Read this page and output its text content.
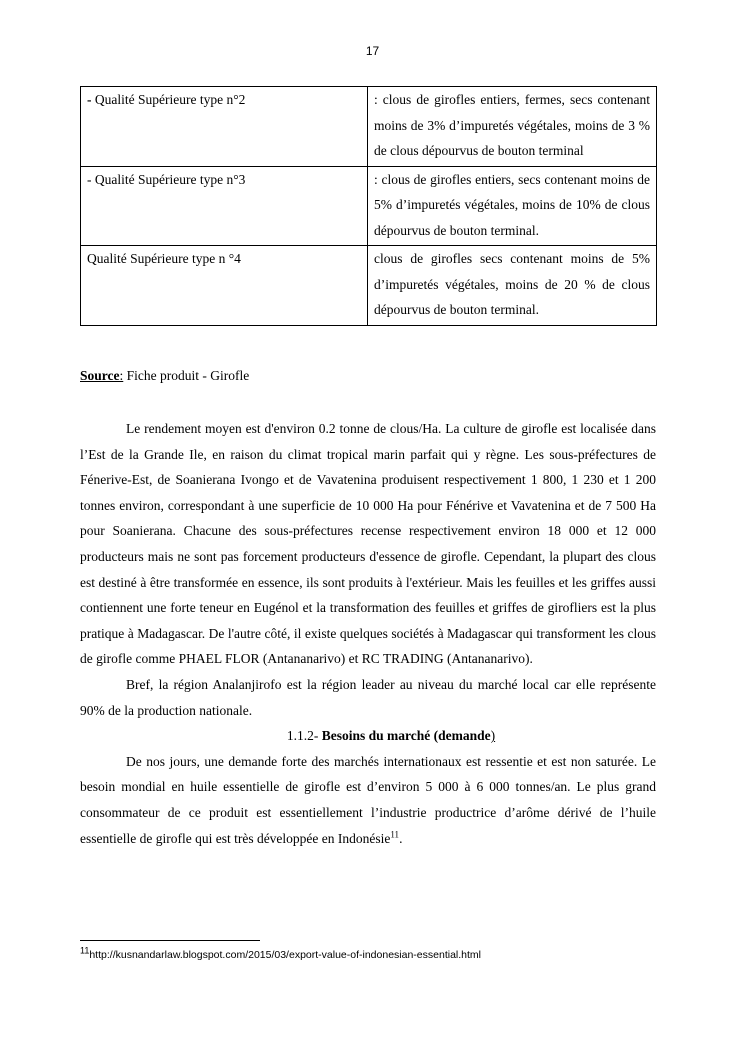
17
- Qualité Supérieure type n°2	: clous de girofles entiers, fermes, secs contenant moins de 3% d’impuretés végétales, moins de 3 % de clous dépourvus de bouton terminal
- Qualité Supérieure type n°3	: clous de girofles entiers, secs contenant moins de 5% d’impuretés végétales, moins de 10% de clous dépourvus de bouton terminal.
Qualité Supérieure type n °4	clous de girofles secs contenant moins de 5% d’impuretés végétales, moins de 20 % de clous dépourvus de bouton terminal.
Source: Fiche produit - Girofle

Le rendement moyen est d'environ 0.2 tonne de clous/Ha. La culture de girofle est localisée dans l’Est de la Grande Ile, en raison du climat tropical marin parfait qui y règne. Les sous-préfectures de Fénerive-Est, de Soanierana Ivongo et de Vavatenina produisent respectivement 1 800, 1 230 et 1 200 tonnes environ, correspondant à une superficie de 10 000 Ha pour Fénérive et Vavatenina et de 7 500 Ha pour Soanierana. Chacune des sous-préfectures recense respectivement environ 18 000 et 12 000 producteurs mais ne sont pas forcement producteurs d'essence de girofle. Cependant, la plupart des clous est destiné à être transformée en essence, ils sont produits à l'extérieur. Mais les feuilles et les griffes aussi contiennent une forte teneur en Eugénol et la transformation des feuilles et griffes de girofliers est la plus pratique à Madagascar. De l'autre côté, il existe quelques sociétés à Madagascar qui transforment les clous de girofle comme PHAEL FLOR (Antananarivo) et RC TRADING (Antananarivo).

Bref, la région Analanjirofo est la région leader au niveau du marché local car elle représente 90% de la production nationale.

1.1.2- Besoins du marché (demande)

De nos jours, une demande forte des marchés internationaux est ressentie et est non saturée. Le besoin mondial en huile essentielle de girofle est d’environ 5 000 à 6 000 tonnes/an. Le plus grand consommateur de ce produit est essentiellement l’industrie productrice d’arôme dérivé de l’huile essentielle de girofle qui est très développée en Indonésie$^{11}$.

$^{11}$http://kusnandarlaw.blogspot.com/2015/03/export-value-of-indonesian-essential.html
